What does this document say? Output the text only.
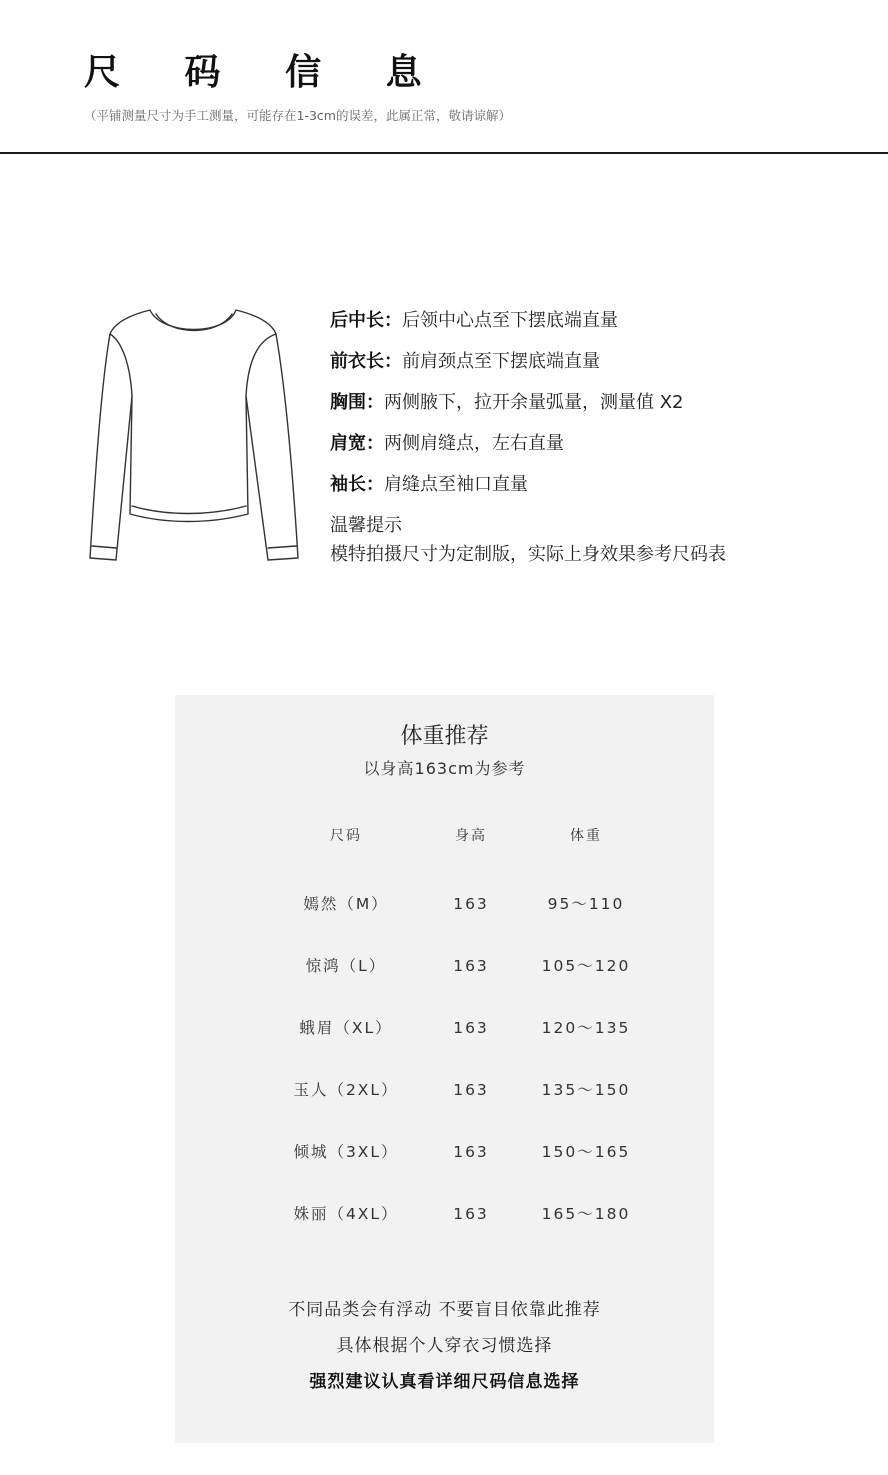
尺 码 信 息
（平铺测量尺寸为手工测量，可能存在1-3cm的误差，此属正常，敬请谅解）
后中长：后领中心点至下摆底端直量
前衣长：前肩颈点至下摆底端直量
胸围：两侧腋下，拉开余量弧量，测量值 X2
肩宽：两侧肩缝点，左右直量
袖长：肩缝点至袖口直量
温馨提示
模特拍摄尺寸为定制版，实际上身效果参考尺码表
体重推荐
以身高163cm为参考
尺码	身高	体重
嫣然（M）	163	95～110
惊鸿（L）	163	105～120
蛾眉（XL）	163	120～135
玉人（2XL）	163	135～150
倾城（3XL）	163	150～165
姝丽（4XL）	163	165～180
不同品类会有浮动 不要盲目依靠此推荐
具体根据个人穿衣习惯选择
强烈建议认真看详细尺码信息选择
